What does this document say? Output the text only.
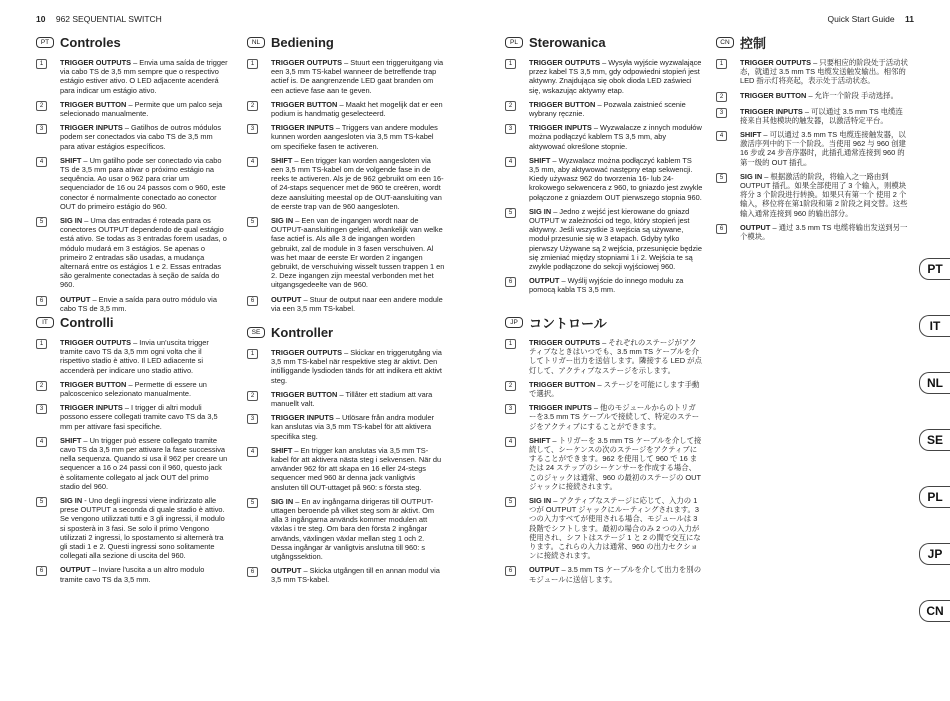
10 962 SEQUENTIAL SWITCH	Quick Start Guide 11
PT Controles
1	TRIGGER OUTPUTS – Envia uma saída de trigger via cabo TS de 3,5 mm sempre que o respectivo estágio estiver ativo. O LED adjacente acenderá para indicar um estágio ativo.
2	TRIGGER BUTTON – Permite que um palco seja selecionado manualmente.
3	TRIGGER INPUTS – Gatilhos de outros módulos podem ser conectados via cabo TS de 3,5 mm para ativar estágios específicos.
4	SHIFT – Um gatilho pode ser conectado via cabo TS de 3,5 mm para ativar o próximo estágio na sequência. Ao usar o 962 para criar um sequenciador de 16 ou 24 passos com o 960, este conector é normalmente conectado ao conector OUT do primeiro estágio do 960.
5	SIG IN – Uma das entradas é roteada para os conectores OUTPUT dependendo de qual estágio está ativo. Se todas as 3 entradas forem usadas, o módulo mudará em 3 estágios. Se apenas o primeiro 2 entradas são usadas, a mudança alternará entre os estágios 1 e 2. Essas entradas são geralmente conectadas à seção de saída do 960.
6	OUTPUT – Envie a saída para outro módulo via cabo TS de 3,5 mm.
IT Controlli
1	TRIGGER OUTPUTS – Invia un'uscita trigger tramite cavo TS da 3,5 mm ogni volta che il rispettivo stadio è attivo. Il LED adiacente si accenderà per indicare uno stadio attivo.
2	TRIGGER BUTTON – Permette di essere un palcoscenico selezionato manualmente.
3	TRIGGER INPUTS – I trigger di altri moduli possono essere collegati tramite cavo TS da 3,5 mm per attivare fasi specifiche.
4	SHIFT – Un trigger può essere collegato tramite cavo TS da 3,5 mm per attivare la fase successiva nella sequenza. Quando si usa il 962 per creare un sequencer a 16 o 24 passi con il 960, questo jack è solitamente collegato al jack OUT del primo stadio del 960.
5	SIG IN - Uno degli ingressi viene indirizzato alle prese OUTPUT a seconda di quale stadio è attivo. Se vengono utilizzati tutti e 3 gli ingressi, il modulo si sposterà in 3 fasi. Se solo il primo Vengono utilizzati 2 ingressi, lo spostamento si alternerà tra gli stadi 1 e 2. Questi ingressi sono solitamente collegati alla sezione di uscita del 960.
6	OUTPUT – Inviare l'uscita a un altro modulo tramite cavo TS da 3,5 mm.
NL Bediening
1	TRIGGER OUTPUTS – Stuurt een triggeruitgang via een 3,5 mm TS-kabel wanneer de betreffende trap actief is. De aangrenzende LED gaat branden om een actieve fase aan te geven.
2	TRIGGER BUTTON – Maakt het mogelijk dat er een podium is handmatig geselecteerd.
3	TRIGGER INPUTS – Triggers van andere modules kunnen worden aangesloten via 3,5 mm TS-kabel om specifieke fasen te activeren.
4	SHIFT – Een trigger kan worden aangesloten via een 3,5 mm TS-kabel om de volgende fase in de reeks te activeren. Als je de 962 gebruikt om een 16- of 24-staps sequencer met de 960 te creëren, wordt deze aansluiting meestal op de OUT-aansluiting van de eerste trap van de 960 aangesloten.
5	SIG IN – Een van de ingangen wordt naar de OUTPUT-aansluitingen geleid, afhankelijk van welke fase actief is. Als alle 3 de ingangen worden gebruikt, zal de module in 3 fasen verschuiven. Al was het maar de eerste Er worden 2 ingangen gebruikt, de verschuiving wisselt tussen trappen 1 en 2. Deze ingangen zijn meestal verbonden met het uitgangsgedeelte van de 960.
6	OUTPUT – Stuur de output naar een andere module via een 3,5 mm TS-kabel.
SE Kontroller
1	TRIGGER OUTPUTS – Skickar en triggerutgång via 3,5 mm TS-kabel när respektive steg är aktivt. Den intilliggande lysdioden tänds för att indikera ett aktivt steg.
2	TRIGGER BUTTON – Tillåter ett stadium att vara manuellt valt.
3	TRIGGER INPUTS – Utlösare från andra moduler kan anslutas via 3,5 mm TS-kabel för att aktivera specifika steg.
4	SHIFT – En trigger kan anslutas via 3,5 mm TS-kabel för att aktivera nästa steg i sekvensen. När du använder 962 för att skapa en 16 eller 24-stegs sequencer med 960 är denna jack vanligtvis ansluten till OUT-uttaget på 960: s första steg.
5	SIG IN – En av ingångarna dirigeras till OUTPUT-uttagen beroende på vilket steg som är aktivt. Om alla 3 ingångarna används kommer modulen att växlas i tre steg. Om bara den första 2 ingångar används, växlingen växlar mellan steg 1 och 2. Dessa ingångar är vanligtvis anslutna till 960: s utgångssektion.
6	OUTPUT – Skicka utgången till en annan modul via 3,5 mm TS-kabel.
PL Sterowanica
1	TRIGGER OUTPUTS – Wysyła wyjście wyzwalające przez kabel TS 3,5 mm, gdy odpowiedni stopień jest aktywny. Znajdująca się obok dioda LED zaświeci się, wskazując aktywny etap.
2	TRIGGER BUTTON – Pozwala zaistnieć scenie wybrany ręcznie.
3	TRIGGER INPUTS – Wyzwalacze z innych modułów można podłączyć kablem TS 3,5 mm, aby aktywować określone stopnie.
4	SHIFT – Wyzwalacz można podłączyć kablem TS 3,5 mm, aby aktywować następny etap sekwencji. Kiedy używasz 962 do tworzenia 16- lub 24-krokowego sekwencera z 960, to gniazdo jest zwykle połączone z gniazdem OUT pierwszego stopnia 960.
5	SIG IN – Jedno z wejść jest kierowane do gniazd OUTPUT w zależności od tego, który stopień jest aktywny. Jeśli wszystkie 3 wejścia są używane, moduł przesunie się w 3 etapach. Gdyby tylko pierwszy Używane są 2 wejścia, przesunięcie będzie się zmieniać między stopniami 1 i 2. Wejścia te są zwykle podłączone do sekcji wyjściowej 960.
6	OUTPUT – Wyślij wyjście do innego modułu za pomocą kabla TS 3,5 mm.
JP コントロール
1	TRIGGER OUTPUTS – それぞれのステージがアクティブなときはいつでも、3.5 mm TS ケーブルを介してトリガー出力を送信します。隣接する LED が点灯して、アクティブなステージを示します。
2	TRIGGER BUTTON – ステージを可能にします手動で選択。
3	TRIGGER INPUTS – 他のモジュールからのトリガーを3.5 mm TS ケーブルで接続して、特定のステージをアクティブにすることができます。
4	SHIFT – トリガーを 3.5 mm TS ケーブルを介して接続して、シーケンスの次のステージをアクティブにすることができます。962 を使用して 960 で 16 または 24 ステップのシーケンサーを作成する場合、このジャックは通常、960 の最初のステージの OUT ジャックに接続されます。
5	SIG IN – アクティブなステージに応じて、入力の 1 つが OUTPUT ジャックにルーティングされます。3 つの入力すべてが使用される場合、モジュールは 3 段階でシフトします。最初の場合のみ 2 つの入力が使用され、シフトはステージ 1 と 2 の間で交互になります。これらの入力は通常、960 の出力セクションに接続されます。
6	OUTPUT – 3.5 mm TS ケーブルを介して出力を別のモジュールに送信します。
CN 控制
1	TRIGGER OUTPUTS – 只要相应的阶段处于活动状态，就通过 3.5 mm TS 电缆发送触发输出。相邻的 LED 指示灯将亮起，表示处于活动状态。
2	TRIGGER BUTTON – 允许一个阶段 手动选择。
3	TRIGGER INPUTS – 可以通过 3.5 mm TS 电缆连接来自其他模块的触发器，以激活特定平台。
4	SHIFT – 可以通过 3.5 mm TS 电缆连接触发器，以激活序列中的下一个阶段。当使用 962 与 960 创建 16 步或 24 步音序器时，此插孔通常连接到 960 的第一级的 OUT 插孔。
5	SIG IN – 根据激活的阶段，将输入之一路由到 OUTPUT 插孔。如果全部使用了 3 个输入，则模块将分 3 个阶段进行转换。如果只有第一个 使用 2 个输入，移位将在第1阶段和第 2 阶段之间交替。这些输入通常连接到 960 的输出部分。
6	OUTPUT – 通过 3.5 mm TS 电缆将输出发送到另一个模块。
PT
IT
NL
SE
PL
JP
CN
